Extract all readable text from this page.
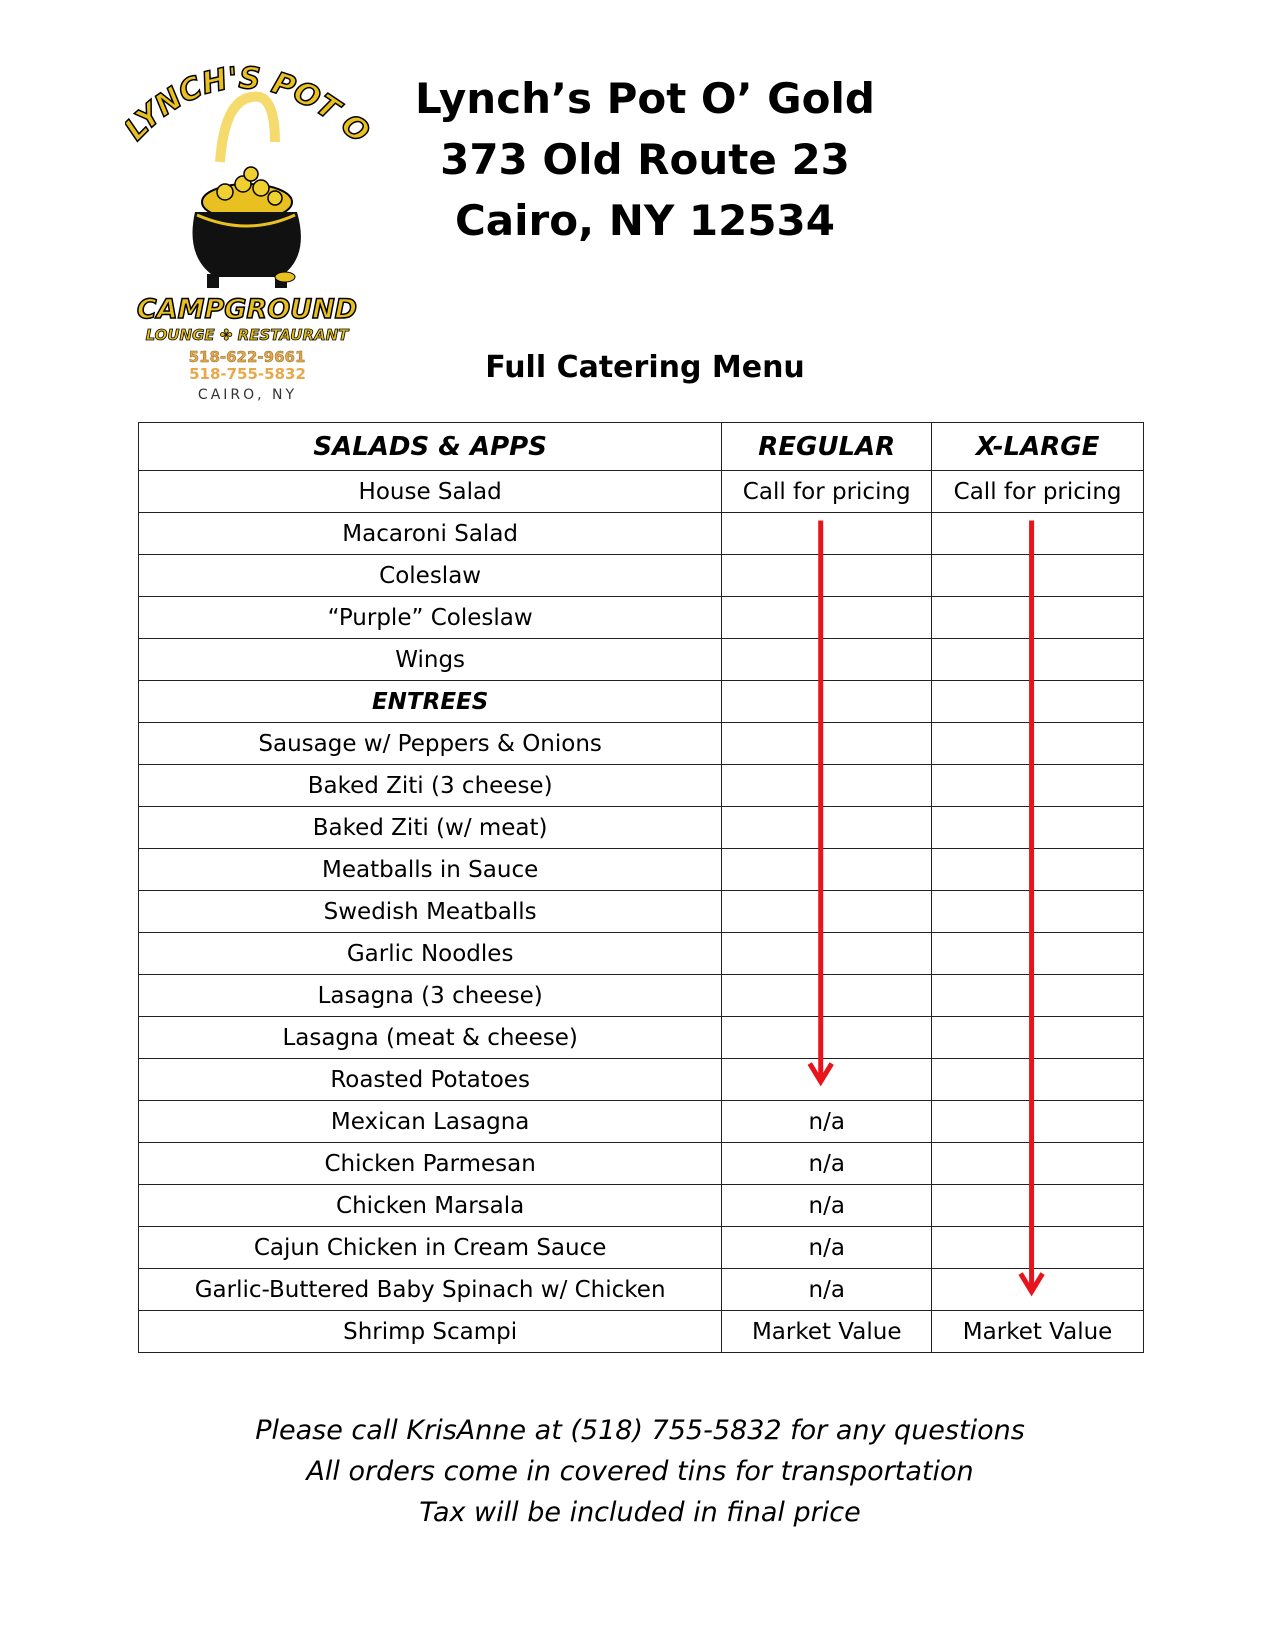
YNCH'S POT
CAMPGROUND
LOUNGE ✤ RESTAURANT
518-622-9661
518-755-5832
CAIRO, NY
Lynch’s Pot O’ Gold
373 Old Route 23
Cairo, NY 12534
Full Catering Menu
SALADS & APPS	REGULAR	X-LARGE
House Salad	Call for pricing	Call for pricing
Macaroni Salad		
Coleslaw		
“Purple” Coleslaw		
Wings		
ENTREES		
Sausage w/ Peppers & Onions		
Baked Ziti (3 cheese)		
Baked Ziti (w/ meat)		
Meatballs in Sauce		
Swedish Meatballs		
Garlic Noodles		
Lasagna (3 cheese)		
Lasagna (meat & cheese)		
Roasted Potatoes		
Mexican Lasagna	n/a	
Chicken Parmesan	n/a	
Chicken Marsala	n/a	
Cajun Chicken in Cream Sauce	n/a	
Garlic-Buttered Baby Spinach w/ Chicken	n/a	
Shrimp Scampi	Market Value	Market Value
Please call KrisAnne at (518) 755-5832 for any questions
All orders come in covered tins for transportation
Tax will be included in final price
